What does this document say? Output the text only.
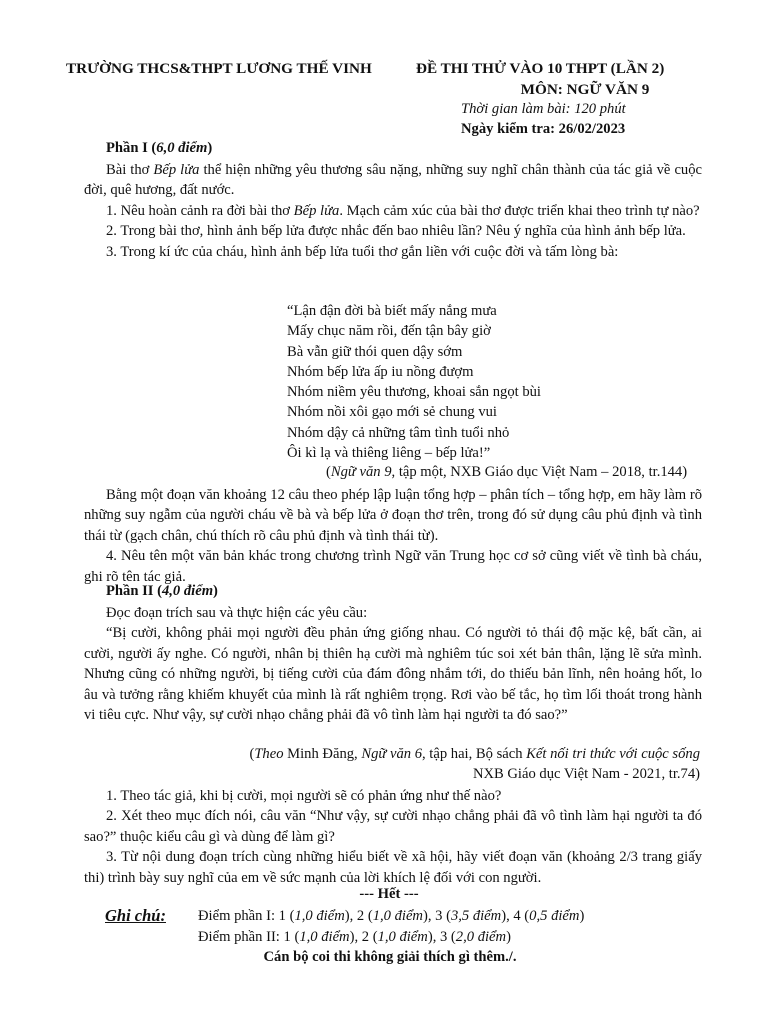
TRƯỜNG THCS&THPT LƯƠNG THẾ VINH	ĐỀ THI THỬ VÀO 10 THPT (LẦN 2)
MÔN: NGỮ VĂN 9
Thời gian làm bài: 120 phút
Ngày kiểm tra: 26/02/2023
Phần I (6,0 điểm)

Bài thơ Bếp lửa thể hiện những yêu thương sâu nặng, những suy nghĩ chân thành của tác giả về cuộc đời, quê hương, đất nước.

1. Nêu hoàn cảnh ra đời bài thơ Bếp lửa. Mạch cảm xúc của bài thơ được triển khai theo trình tự nào?

2. Trong bài thơ, hình ảnh bếp lửa được nhắc đến bao nhiêu lần? Nêu ý nghĩa của hình ảnh bếp lửa.

3. Trong kí ức của cháu, hình ảnh bếp lửa tuổi thơ gắn liền với cuộc đời và tấm lòng bà:

“Lận đận đời bà biết mấy nắng mưa
Mấy chục năm rồi, đến tận bây giờ
Bà vẫn giữ thói quen dậy sớm
Nhóm bếp lửa ấp iu nồng đượm
Nhóm niềm yêu thương, khoai sắn ngọt bùi
Nhóm nồi xôi gạo mới sẻ chung vui
Nhóm dậy cả những tâm tình tuổi nhỏ
Ôi kì lạ và thiêng liêng – bếp lửa!”
(Ngữ văn 9, tập một, NXB Giáo dục Việt Nam – 2018, tr.144)

Bằng một đoạn văn khoảng 12 câu theo phép lập luận tổng hợp – phân tích – tổng hợp, em hãy làm rõ những suy ngẫm của người cháu về bà và bếp lửa ở đoạn thơ trên, trong đó sử dụng câu phủ định và tình thái từ (gạch chân, chú thích rõ câu phủ định và tình thái từ).

4. Nêu tên một văn bản khác trong chương trình Ngữ văn Trung học cơ sở cũng viết về tình bà cháu, ghi rõ tên tác giả.

Phần II (4,0 điểm)

Đọc đoạn trích sau và thực hiện các yêu cầu:

“Bị cười, không phải mọi người đều phản ứng giống nhau. Có người tỏ thái độ mặc kệ, bất cần, ai cười, người ấy nghe. Có người, nhân bị thiên hạ cười mà nghiêm túc soi xét bản thân, lặng lẽ sửa mình. Nhưng cũng có những người, bị tiếng cười của đám đông nhắm tới, do thiếu bản lĩnh, nên hoảng hốt, lo âu và tưởng rằng khiếm khuyết của mình là rất nghiêm trọng. Rơi vào bế tắc, họ tìm lối thoát trong hành vi tiêu cực. Như vậy, sự cười nhạo chẳng phải đã vô tình làm hại người ta đó sao?”

(Theo Minh Đăng, Ngữ văn 6, tập hai, Bộ sách Kết nối tri thức với cuộc sống
NXB Giáo dục Việt Nam - 2021, tr.74)

1. Theo tác giả, khi bị cười, mọi người sẽ có phản ứng như thế nào?

2. Xét theo mục đích nói, câu văn “Như vậy, sự cười nhạo chẳng phải đã vô tình làm hại người ta đó sao?” thuộc kiểu câu gì và dùng để làm gì?

3. Từ nội dung đoạn trích cùng những hiểu biết về xã hội, hãy viết đoạn văn (khoảng 2/3 trang giấy thi) trình bày suy nghĩ của em về sức mạnh của lời khích lệ đối với con người.

--- Hết ---
Ghi chú: Điểm phần I: 1 (1,0 điểm), 2 (1,0 điểm), 3 (3,5 điểm), 4 (0,5 điểm)
Điểm phần II: 1 (1,0 điểm), 2 (1,0 điểm), 3 (2,0 điểm)
Cán bộ coi thi không giải thích gì thêm./.
